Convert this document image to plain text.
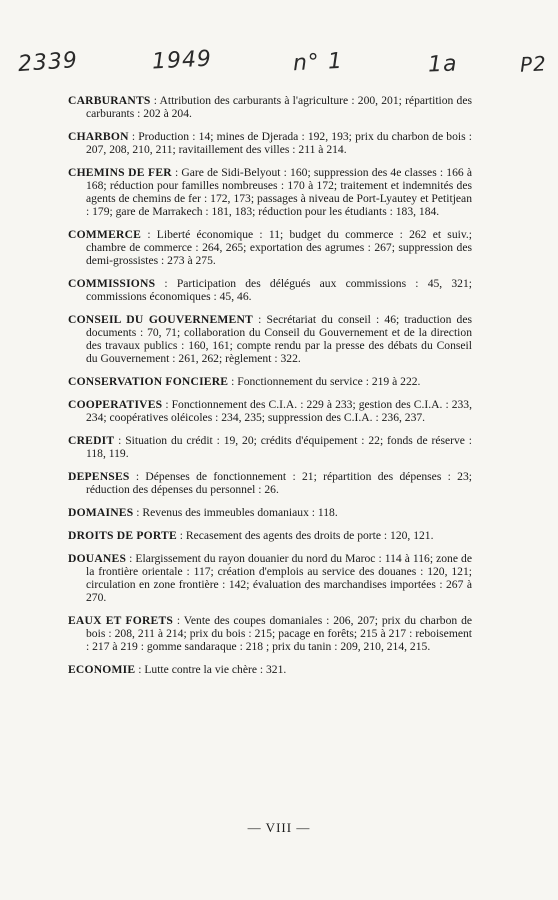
2339	1949	n° 1	1a	P2

CARBURANTS : Attribution des carburants à l'agriculture : 200, 201; répartition des carburants : 202 à 204.

CHARBON : Production : 14; mines de Djerada : 192, 193; prix du charbon de bois : 207, 208, 210, 211; ravitaillement des villes : 211 à 214.

CHEMINS DE FER : Gare de Sidi-Belyout : 160; suppression des 4e classes : 166 à 168; réduction pour familles nombreuses : 170 à 172; traitement et indemnités des agents de chemins de fer : 172, 173; passages à niveau de Port-Lyautey et Petitjean : 179; gare de Marrakech : 181, 183; réduction pour les étudiants : 183, 184.

COMMERCE : Liberté économique : 11; budget du commerce : 262 et suiv.; chambre de commerce : 264, 265; exportation des agrumes : 267; suppression des demi-grossistes : 273 à 275.

COMMISSIONS : Participation des délégués aux commissions : 45, 321; commissions économiques : 45, 46.

CONSEIL DU GOUVERNEMENT : Secrétariat du conseil : 46; traduction des documents : 70, 71; collaboration du Conseil du Gouvernement et de la direction des travaux publics : 160, 161; compte rendu par la presse des débats du Conseil du Gouvernement : 261, 262; règlement : 322.

CONSERVATION FONCIERE : Fonctionnement du service : 219 à 222.

COOPERATIVES : Fonctionnement des C.I.A. : 229 à 233; gestion des C.I.A. : 233, 234; coopératives oléicoles : 234, 235; suppression des C.I.A. : 236, 237.

CREDIT : Situation du crédit : 19, 20; crédits d'équipement : 22; fonds de réserve : 118, 119.

DEPENSES : Dépenses de fonctionnement : 21; répartition des dépenses : 23; réduction des dépenses du personnel : 26.

DOMAINES : Revenus des immeubles domaniaux : 118.

DROITS DE PORTE : Recasement des agents des droits de porte : 120, 121.

DOUANES : Elargissement du rayon douanier du nord du Maroc : 114 à 116; zone de la frontière orientale : 117; création d'emplois au service des douanes : 120, 121; circulation en zone frontière : 142; évaluation des marchandises importées : 267 à 270.

EAUX ET FORETS : Vente des coupes domaniales : 206, 207; prix du charbon de bois : 208, 211 à 214; prix du bois : 215; pacage en forêts; 215 à 217 : reboisement : 217 à 219 : gomme sandaraque : 218 ; prix du tanin : 209, 210, 214, 215.

ECONOMIE : Lutte contre la vie chère : 321.

— VIII —
